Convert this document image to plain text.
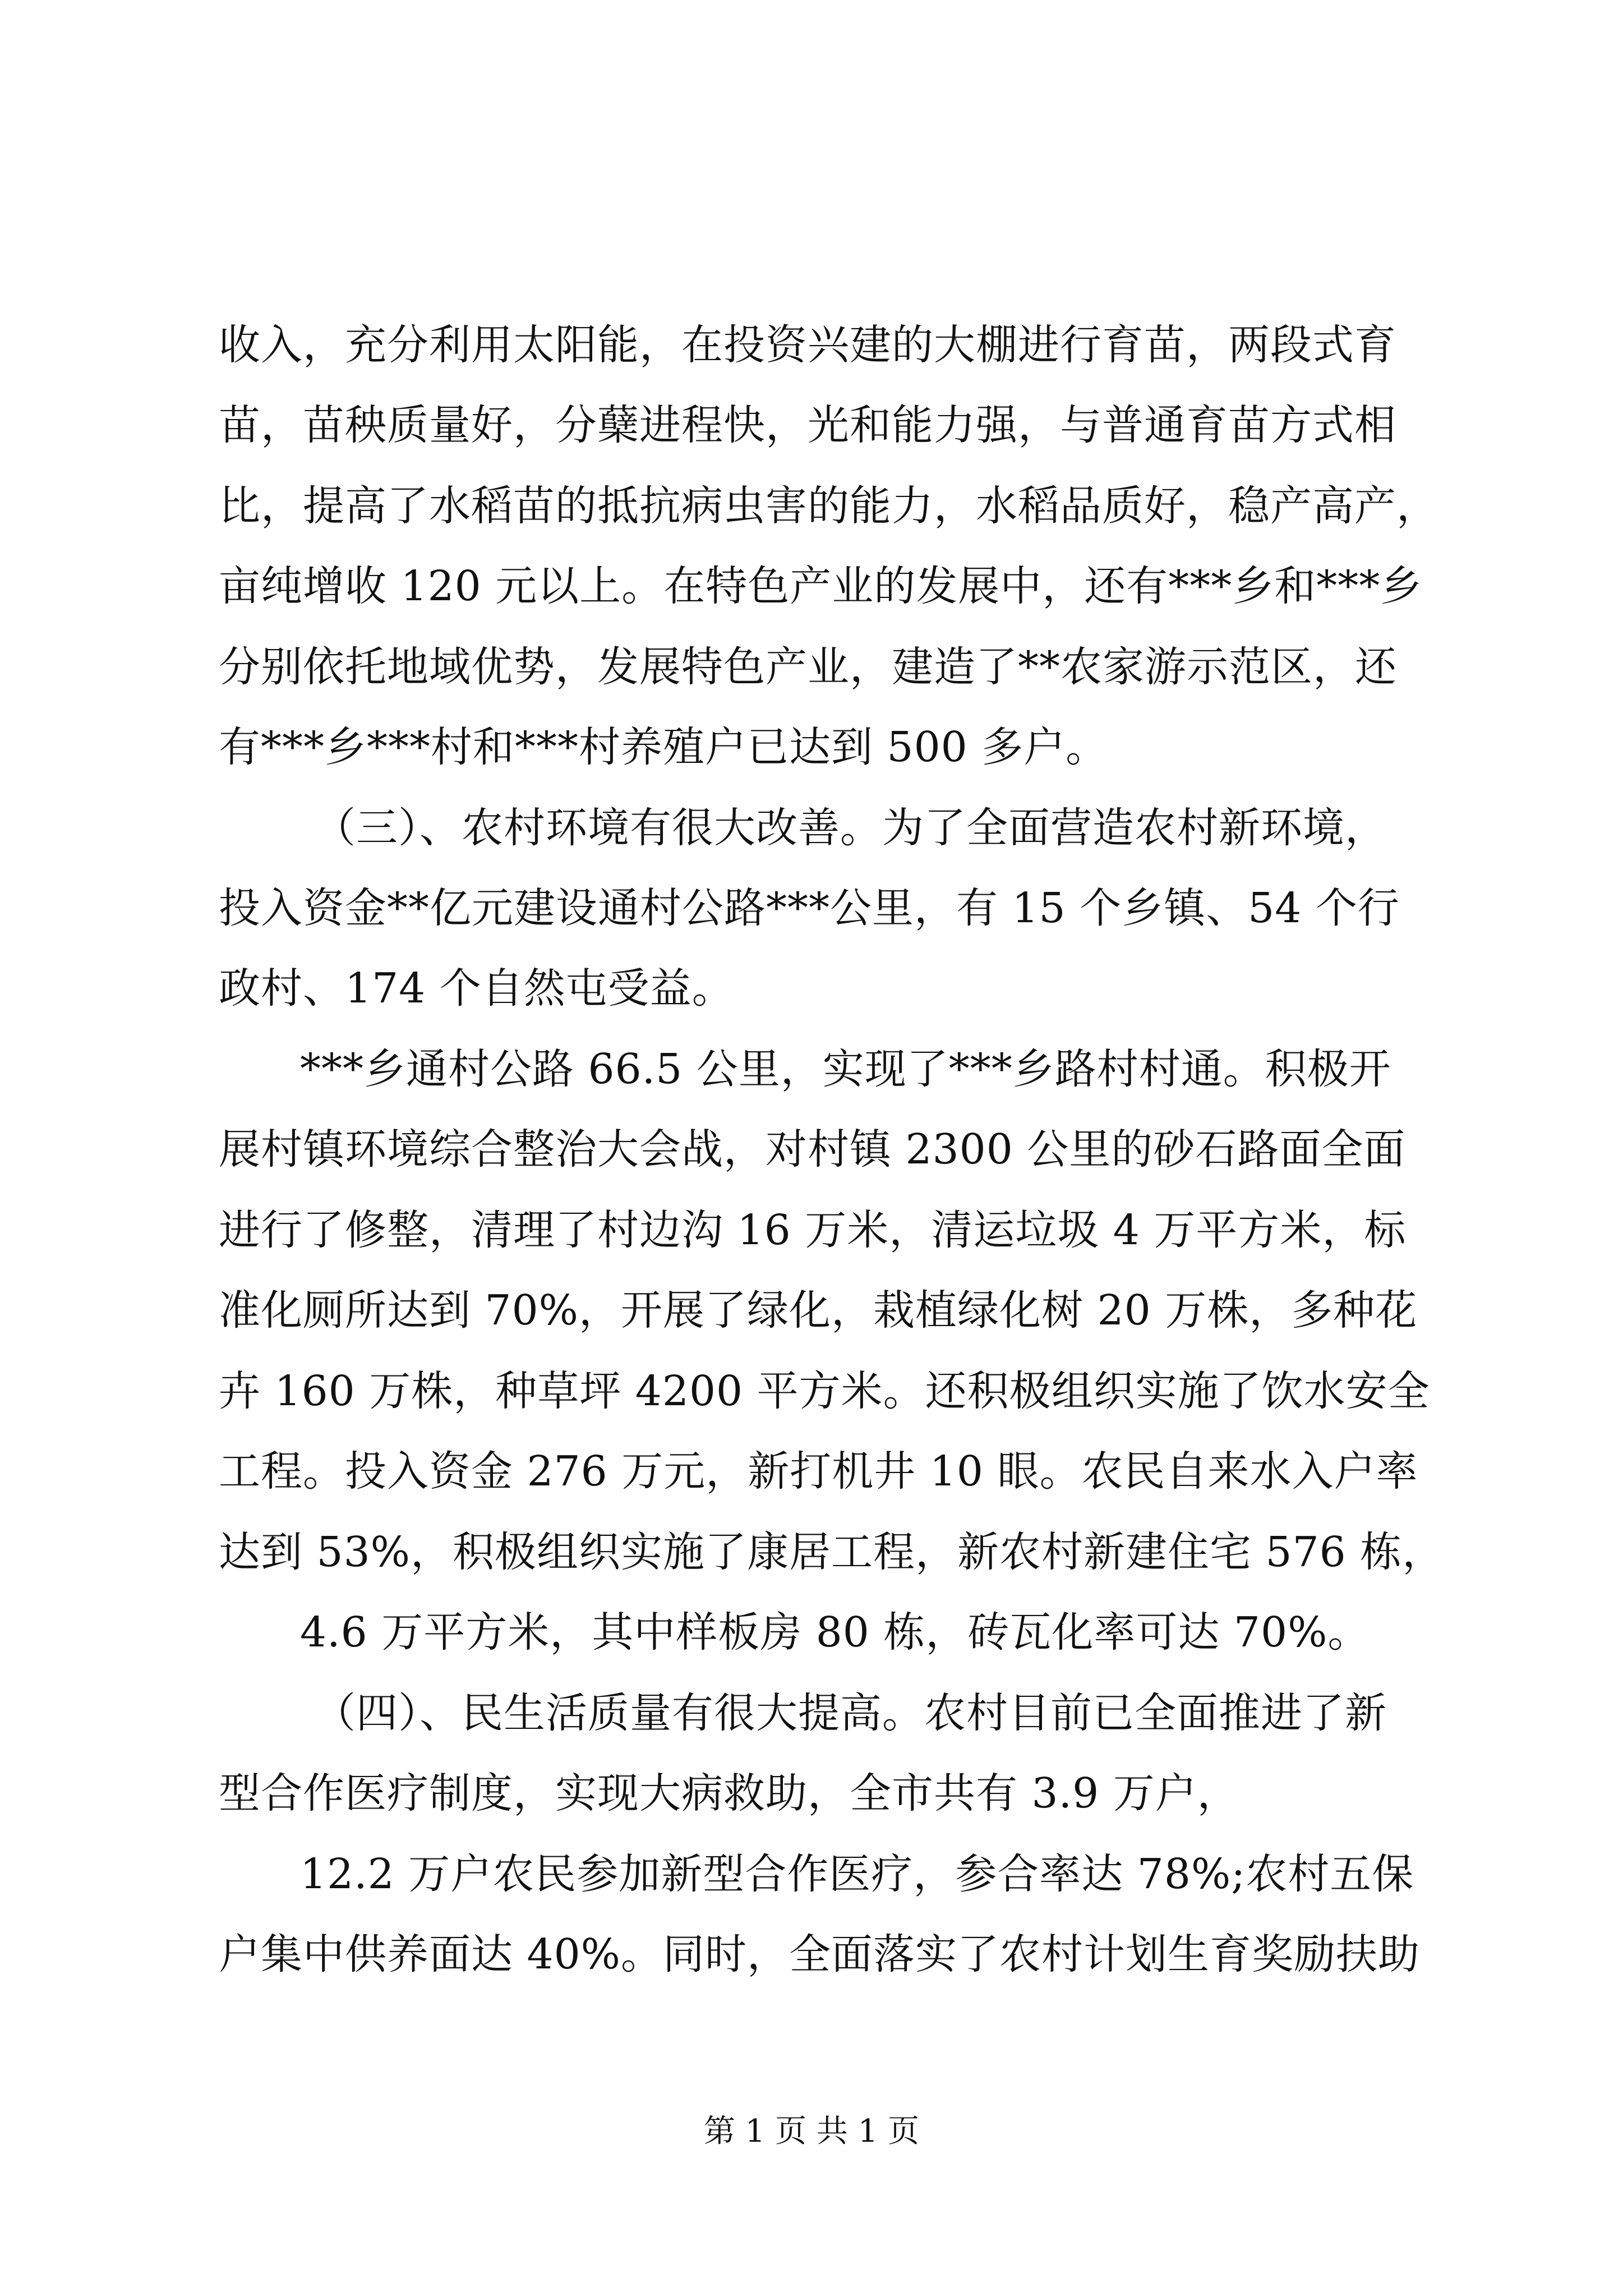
收入，充分利用太阳能，在投资兴建的大棚进行育苗，两段式育
苗，苗秧质量好，分蘖进程快，光和能力强，与普通育苗方式相
比，提高了水稻苗的抵抗病虫害的能力，水稻品质好，稳产高产，
亩纯增收 120 元以上。在特色产业的发展中，还有***乡和***乡
分别依托地域优势，发展特色产业，建造了**农家游示范区，还
有***乡***村和***村养殖户已达到 500 多户。
（三）、农村环境有很大改善。为了全面营造农村新环境，
投入资金**亿元建设通村公路***公里，有 15 个乡镇、54 个行
政村、174 个自然屯受益。
***乡通村公路 66.5 公里，实现了***乡路村村通。积极开
展村镇环境综合整治大会战，对村镇 2300 公里的砂石路面全面
进行了修整，清理了村边沟 16 万米，清运垃圾 4 万平方米，标
准化厕所达到 70%，开展了绿化，栽植绿化树 20 万株，多种花
卉 160 万株，种草坪 4200 平方米。还积极组织实施了饮水安全
工程。投入资金 276 万元，新打机井 10 眼。农民自来水入户率
达到 53%，积极组织实施了康居工程，新农村新建住宅 576 栋，
4.6 万平方米，其中样板房 80 栋，砖瓦化率可达 70%。
（四）、民生活质量有很大提高。农村目前已全面推进了新
型合作医疗制度，实现大病救助，全市共有 3.9 万户，
12.2 万户农民参加新型合作医疗，参合率达 78%;农村五保
户集中供养面达 40%。同时，全面落实了农村计划生育奖励扶助
第 1 页 共 1 页
